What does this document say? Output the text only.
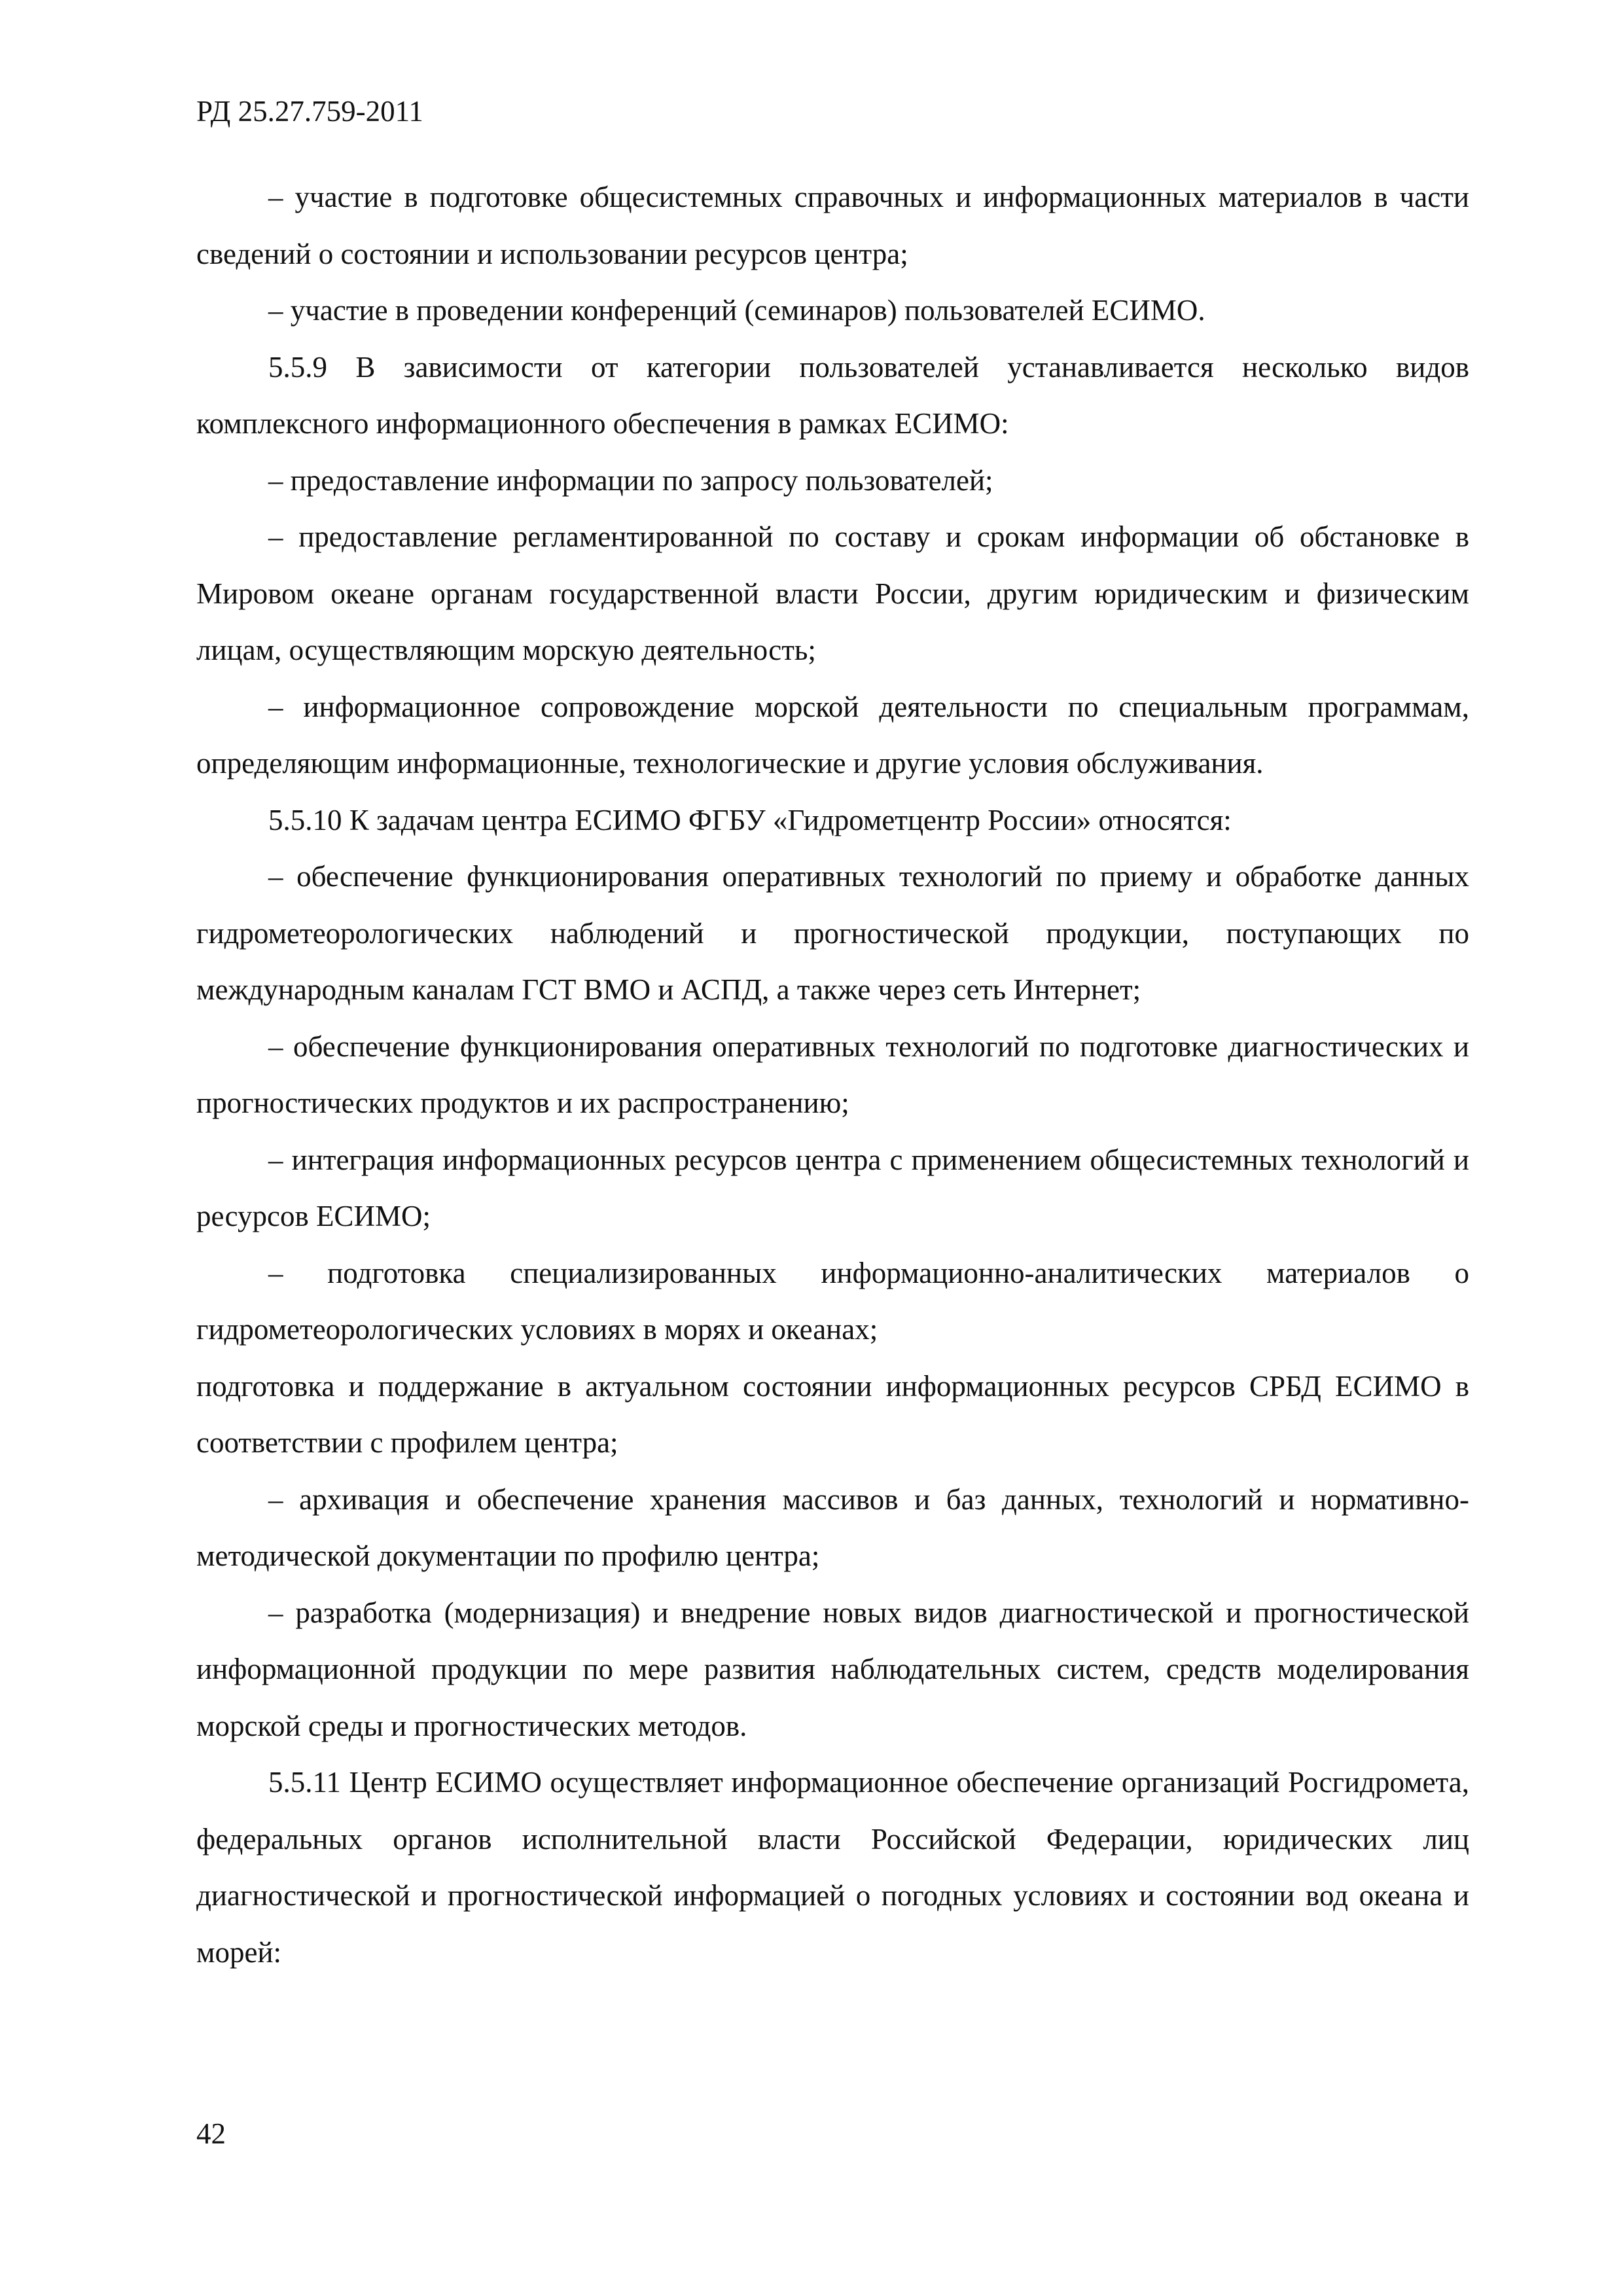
РД 25.27.759-2011

– участие в подготовке общесистемных справочных и информационных материалов в части сведений о состоянии и использовании ресурсов центра;

– участие в проведении конференций (семинаров) пользователей ЕСИМО.

5.5.9 В зависимости от категории пользователей устанавливается несколько видов комплексного информационного обеспечения в рамках ЕСИМО:

– предоставление информации по запросу пользователей;

– предоставление регламентированной по составу и срокам информации об обстановке в Мировом океане органам государственной власти России, другим юридическим и физическим лицам, осуществляющим морскую деятельность;

– информационное сопровождение морской деятельности по специальным программам, определяющим информационные, технологические и другие условия обслуживания.

5.5.10 К задачам центра ЕСИМО ФГБУ «Гидрометцентр России» относятся:

– обеспечение функционирования оперативных технологий по приему и обработке данных гидрометеорологических наблюдений и прогностической продукции, поступающих по международным каналам ГСТ ВМО и АСПД, а также через сеть Интернет;

– обеспечение функционирования оперативных технологий по подготовке диагностических и прогностических продуктов и их распространению;

– интеграция информационных ресурсов центра с применением общесистемных технологий и ресурсов ЕСИМО;

– подготовка специализированных информационно-аналитических материалов о гидрометеорологических условиях в морях и океанах;

подготовка и поддержание в актуальном состоянии информационных ресурсов СРБД ЕСИМО в соответствии с профилем центра;

– архивация и обеспечение хранения массивов и баз данных, технологий и нормативно-методической документации по профилю центра;

– разработка (модернизация) и внедрение новых видов диагностической и прогностической информационной продукции по мере развития наблюдательных систем, средств моделирования морской среды и прогностических методов.

5.5.11 Центр ЕСИМО осуществляет информационное обеспечение организаций Росгидромета, федеральных органов исполнительной власти Российской Федерации, юридических лиц диагностической и прогностической информацией о погодных условиях и состоянии вод океана и морей:

42
